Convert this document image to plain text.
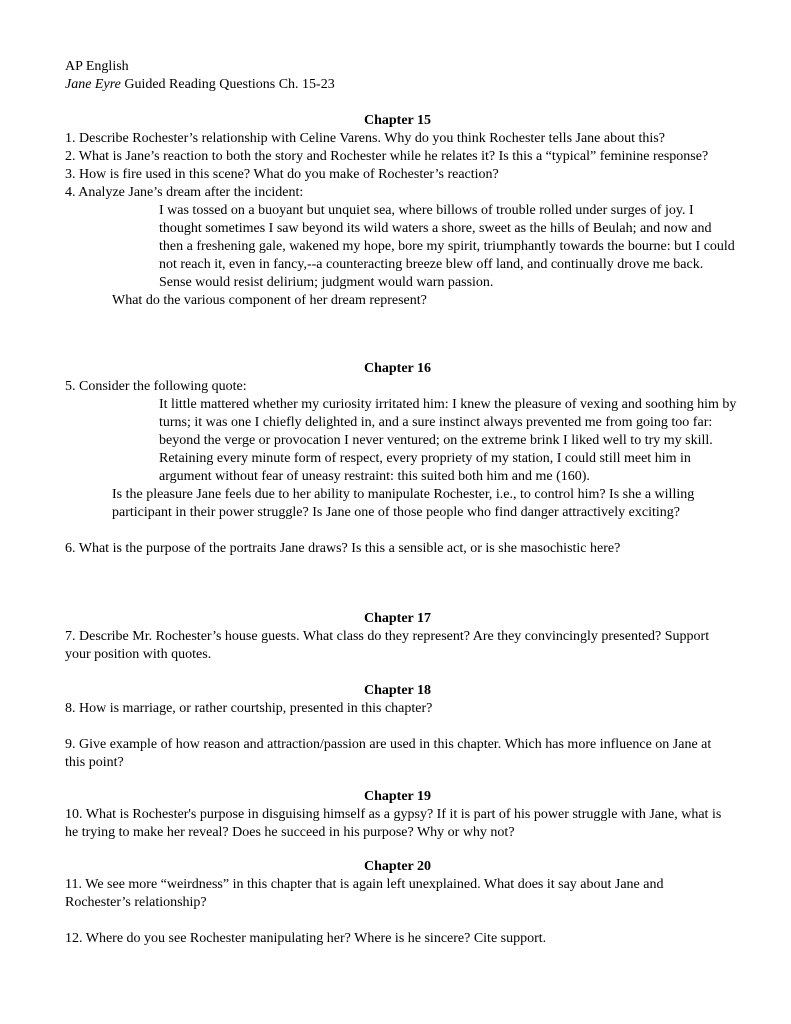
AP English
Jane Eyre Guided Reading Questions Ch. 15-23

Chapter 15

1. Describe Rochester’s relationship with Celine Varens. Why do you think Rochester tells Jane about this?

2. What is Jane’s reaction to both the story and Rochester while he relates it? Is this a “typical” feminine response?

3. How is fire used in this scene? What do you make of Rochester’s reaction?

4. Analyze Jane’s dream after the incident:

I was tossed on a buoyant but unquiet sea, where billows of trouble rolled under surges of joy. I thought sometimes I saw beyond its wild waters a shore, sweet as the hills of Beulah; and now and then a freshening gale, wakened my hope, bore my spirit, triumphantly towards the bourne: but I could not reach it, even in fancy,--a counteracting breeze blew off land, and continually drove me back. Sense would resist delirium; judgment would warn passion.

What do the various component of her dream represent?

Chapter 16

5. Consider the following quote:

It little mattered whether my curiosity irritated him: I knew the pleasure of vexing and soothing him by turns; it was one I chiefly delighted in, and a sure instinct always prevented me from going too far: beyond the verge or provocation I never ventured; on the extreme brink I liked well to try my skill. Retaining every minute form of respect, every propriety of my station, I could still meet him in argument without fear of uneasy restraint: this suited both him and me (160).

Is the pleasure Jane feels due to her ability to manipulate Rochester, i.e., to control him? Is she a willing participant in their power struggle? Is Jane one of those people who find danger attractively exciting?

6. What is the purpose of the portraits Jane draws? Is this a sensible act, or is she masochistic here?

Chapter 17

7. Describe Mr. Rochester’s house guests. What class do they represent? Are they convincingly presented? Support your position with quotes.

Chapter 18

8. How is marriage, or rather courtship, presented in this chapter?

9. Give example of how reason and attraction/passion are used in this chapter. Which has more influence on Jane at this point?

Chapter 19

10. What is Rochester's purpose in disguising himself as a gypsy? If it is part of his power struggle with Jane, what is he trying to make her reveal? Does he succeed in his purpose? Why or why not?

Chapter 20

11. We see more “weirdness” in this chapter that is again left unexplained. What does it say about Jane and Rochester’s relationship?

12. Where do you see Rochester manipulating her? Where is he sincere? Cite support.
